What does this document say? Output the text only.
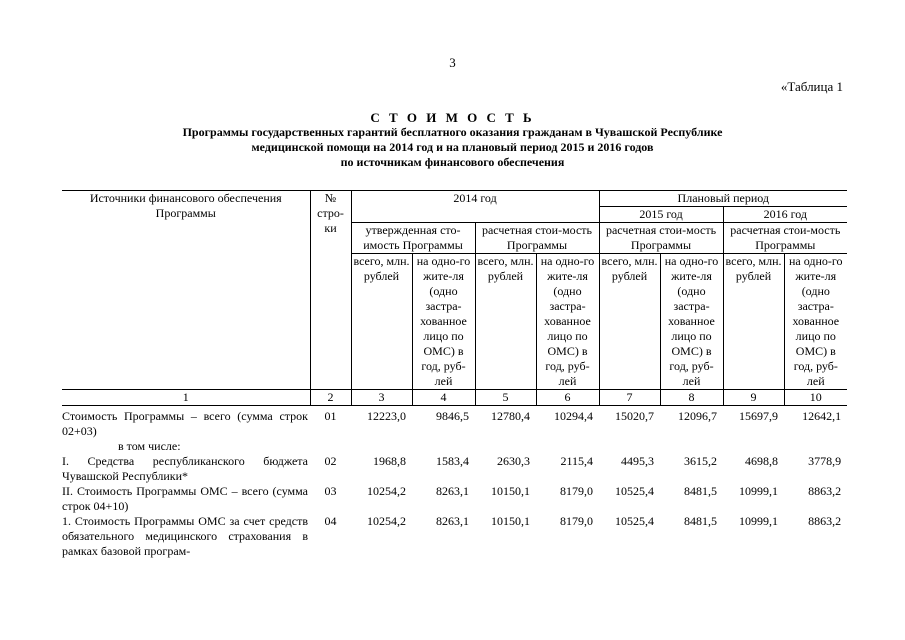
3
«Таблица 1
С Т О И М О С Т Ь
Программы государственных гарантий бесплатного оказания гражданам в Чувашской Республике
медицинской помощи на 2014 год и на плановый период 2015 и 2016 годов
по источникам финансового обеспечения
Источники финансового обеспечения Программы	№ стро-ки	2014 год				Плановый период			
						2015 год		2016 год	
		утвержденная сто-имость Программы		расчетная стои-мость Программы		расчетная стои-мость Программы		расчетная стои-мость Программы	
		всего, млн. рублей	на одно-го жите-ля (одно застра-хованное лицо по ОМС) в год, руб-лей	всего, млн. рублей	на одно-го жите-ля (одно застра-хованное лицо по ОМС) в год, руб-лей	всего, млн. рублей	на одно-го жите-ля (одно застра-хованное лицо по ОМС) в год, руб-лей	всего, млн. рублей	на одно-го жите-ля (одно застра-хованное лицо по ОМС) в год, руб-лей
1	2	3	4	5	6	7	8	9	10

Стоимость Программы – всего (сумма строк 02+03)	01	12223,0	9846,5	12780,4	10294,4	15020,7	12096,7	15697,9	12642,1
в том числе:									
I. Средства республиканского бюджета Чувашской Республики*	02	1968,8	1583,4	2630,3	2115,4	4495,3	3615,2	4698,8	3778,9
II. Стоимость Программы ОМС – всего (сумма строк 04+10)	03	10254,2	8263,1	10150,1	8179,0	10525,4	8481,5	10999,1	8863,2
1. Стоимость Программы ОМС за счет средств обязательного медицинского страхования в рамках базовой програм-	04	10254,2	8263,1	10150,1	8179,0	10525,4	8481,5	10999,1	8863,2
